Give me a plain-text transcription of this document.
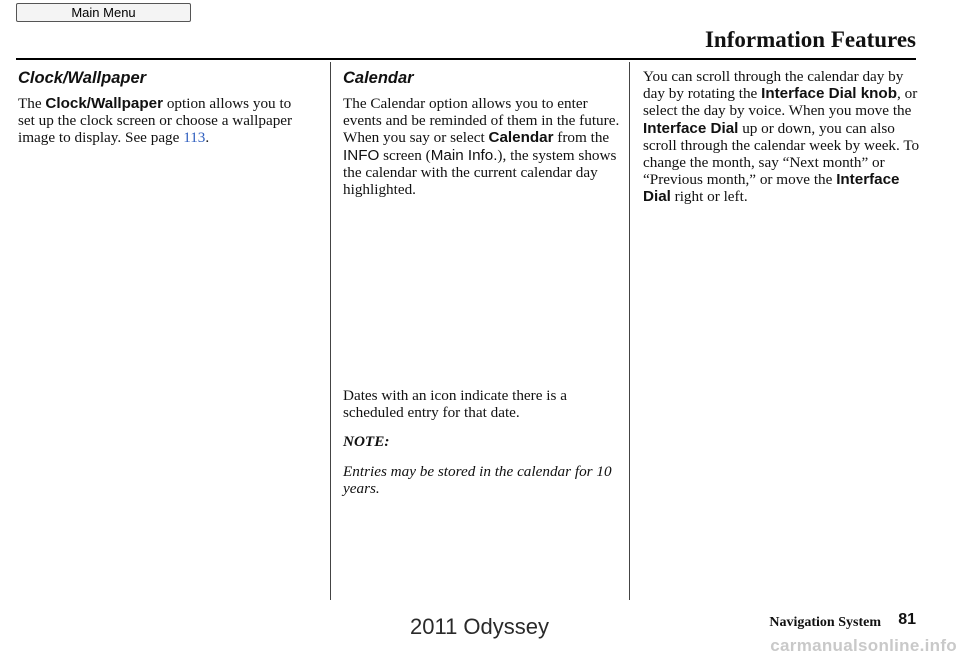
Main Menu
Information Features
Clock/Wallpaper

The Clock/Wallpaper option allows you to set up the clock screen or choose a wallpaper image to display. See page 113.

Calendar

The Calendar option allows you to enter events and be reminded of them in the future. When you say or select Calendar from the INFO screen (Main Info.), the system shows the calendar with the current calendar day highlighted.

Dates with an icon indicate there is a scheduled entry for that date.

NOTE:

Entries may be stored in the calendar for 10 years.

You can scroll through the calendar day by day by rotating the Interface Dial knob, or select the day by voice. When you move the Interface Dial up or down, you can also scroll through the calendar week by week. To change the month, say “Next month” or “Previous month,” or move the Interface Dial right or left.

Navigation System 81
2011 Odyssey
carmanualsonline.info
